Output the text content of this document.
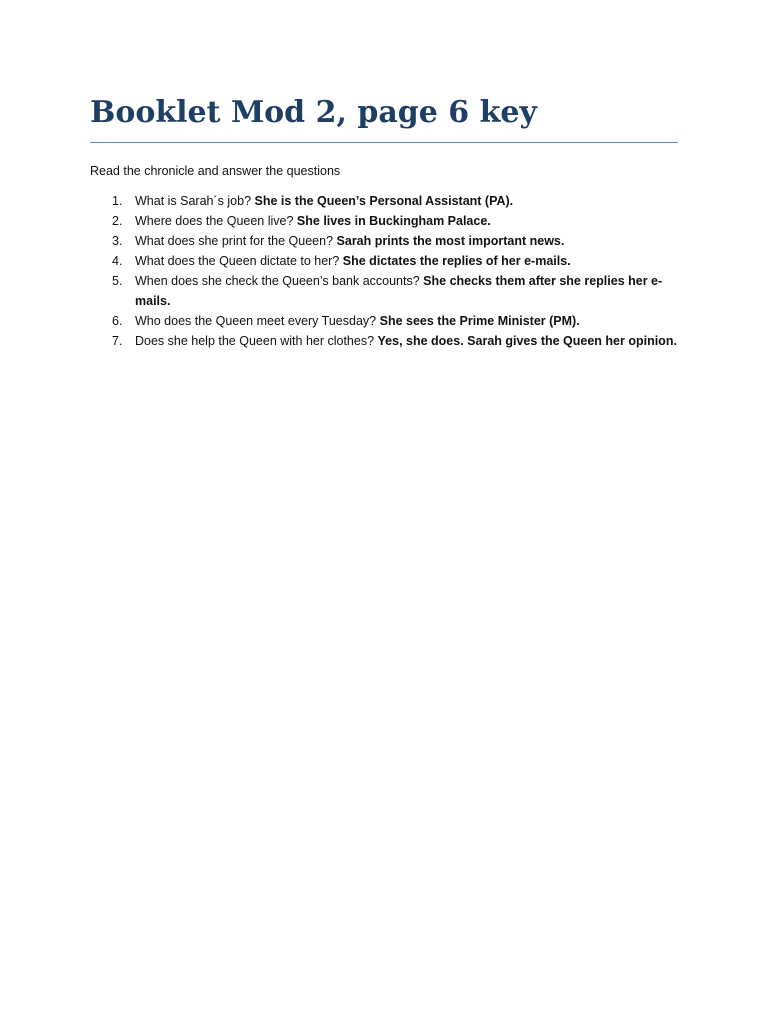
Booklet Mod 2, page 6 key

Read the chronicle and answer the questions

1. What is Sarah´s job? She is the Queen’s Personal Assistant (PA).
2. Where does the Queen live? She lives in Buckingham Palace.
3. What does she print for the Queen? Sarah prints the most important news.
4. What does the Queen dictate to her? She dictates the replies of her e-mails.
5. When does she check the Queen’s bank accounts? She checks them after she replies her e-mails.
6. Who does the Queen meet every Tuesday? She sees the Prime Minister (PM).
7. Does she help the Queen with her clothes? Yes, she does. Sarah gives the Queen her opinion.
